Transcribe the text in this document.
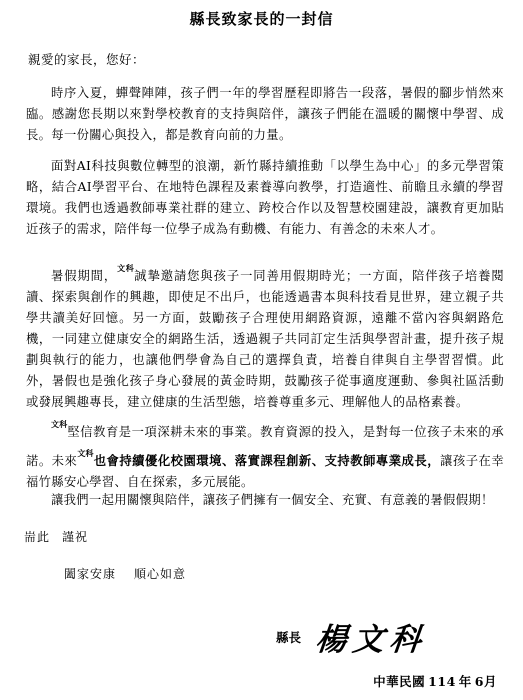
縣長致家長的一封信
親愛的家長，您好：

時序入夏，蟬聲陣陣，孩子們一年的學習歷程即將告一段落，暑假的腳步悄然來臨。感謝您長期以來對學校教育的支持與陪伴，讓孩子們能在溫暖的關懷中學習、成長。每一份關心與投入，都是教育向前的力量。

面對AI科技與數位轉型的浪潮，新竹縣持續推動「以學生為中心」的多元學習策略，結合AI學習平台、在地特色課程及素養導向教學，打造適性、前瞻且永續的學習環境。我們也透過教師專業社群的建立、跨校合作以及智慧校園建設，讓教育更加貼近孩子的需求，陪伴每一位學子成為有動機、有能力、有善念的未來人才。

暑假期間，$^{文科}$誠摯邀請您與孩子一同善用假期時光；一方面，陪伴孩子培養閱讀、探索與創作的興趣，即使足不出戶，也能透過書本與科技看見世界，建立親子共學共讀美好回憶。另一方面，鼓勵孩子合理使用網路資源，遠離不當內容與網路危機，一同建立健康安全的網路生活，透過親子共同訂定生活與學習計畫，提升孩子規劃與執行的能力，也讓他們學會為自己的選擇負責，培養自律與自主學習習慣。此外，暑假也是強化孩子身心發展的黃金時期，鼓勵孩子從事適度運動、參與社區活動或發展興趣專長，建立健康的生活型態，培養尊重多元、理解他人的品格素養。

$^{文科}$堅信教育是一項深耕未來的事業。教育資源的投入，是對每一位孩子未來的承諾。未來$^{文科}$也會持續優化校園環境、落實課程創新、支持教師專業成長，讓孩子在幸福竹縣安心學習、自在探索，多元展能。

讓我們一起用關懷與陪伴，讓孩子們擁有一個安全、充實、有意義的暑假假期！

耑此 謹祝
闔家安康 順心如意
縣長 楊文科
中華民國 114 年 6月
